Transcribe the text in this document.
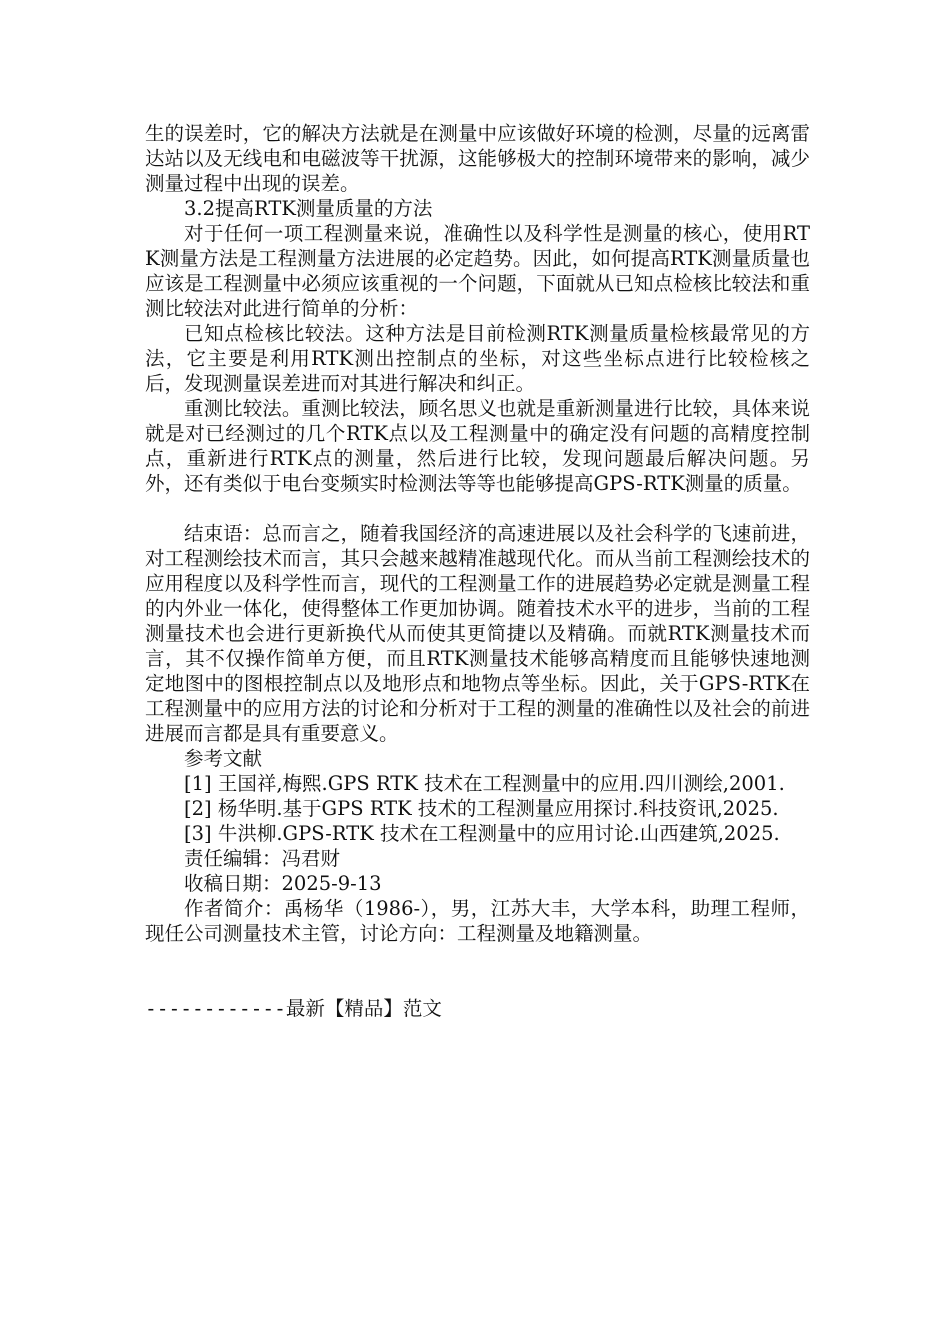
生的误差时，它的解决方法就是在测量中应该做好环境的检测，尽量的远离雷达站以及无线电和电磁波等干扰源，这能够极大的控制环境带来的影响，减少测量过程中出现的误差。

3.2提高RTK测量质量的方法

对于任何一项工程测量来说，准确性以及科学性是测量的核心，使用RTK测量方法是工程测量方法进展的必定趋势。因此，如何提高RTK测量质量也应该是工程测量中必须应该重视的一个问题，下面就从已知点检核比较法和重测比较法对此进行简单的分析：

已知点检核比较法。这种方法是目前检测RTK测量质量检核最常见的方法，它主要是利用RTK测出控制点的坐标，对这些坐标点进行比较检核之后，发现测量误差进而对其进行解决和纠正。

重测比较法。重测比较法，顾名思义也就是重新测量进行比较，具体来说就是对已经测过的几个RTK点以及工程测量中的确定没有问题的高精度控制点，重新进行RTK点的测量，然后进行比较，发现问题最后解决问题。另外，还有类似于电台变频实时检测法等等也能够提高GPS-RTK测量的质量。

结束语：总而言之，随着我国经济的高速进展以及社会科学的飞速前进，对工程测绘技术而言，其只会越来越精准越现代化。而从当前工程测绘技术的应用程度以及科学性而言，现代的工程测量工作的进展趋势必定就是测量工程的内外业一体化，使得整体工作更加协调。随着技术水平的进步，当前的工程测量技术也会进行更新换代从而使其更简捷以及精确。而就RTK测量技术而言，其不仅操作简单方便，而且RTK测量技术能够高精度而且能够快速地测定地图中的图根控制点以及地形点和地物点等坐标。因此，关于GPS-RTK在工程测量中的应用方法的讨论和分析对于工程的测量的准确性以及社会的前进进展而言都是具有重要意义。

参考文献

[1] 王国祥,梅熙.GPS RTK 技术在工程测量中的应用.四川测绘,2001.

[2] 杨华明.基于GPS RTK 技术的工程测量应用探讨.科技资讯,2025.

[3] 牛洪柳.GPS-RTK 技术在工程测量中的应用讨论.山西建筑,2025.

责任编辑：冯君财

收稿日期：2025-9-13

作者简介：禹杨华（1986-），男，江苏大丰，大学本科，助理工程师，现任公司测量技术主管，讨论方向：工程测量及地籍测量。

------------最新【精品】范文
